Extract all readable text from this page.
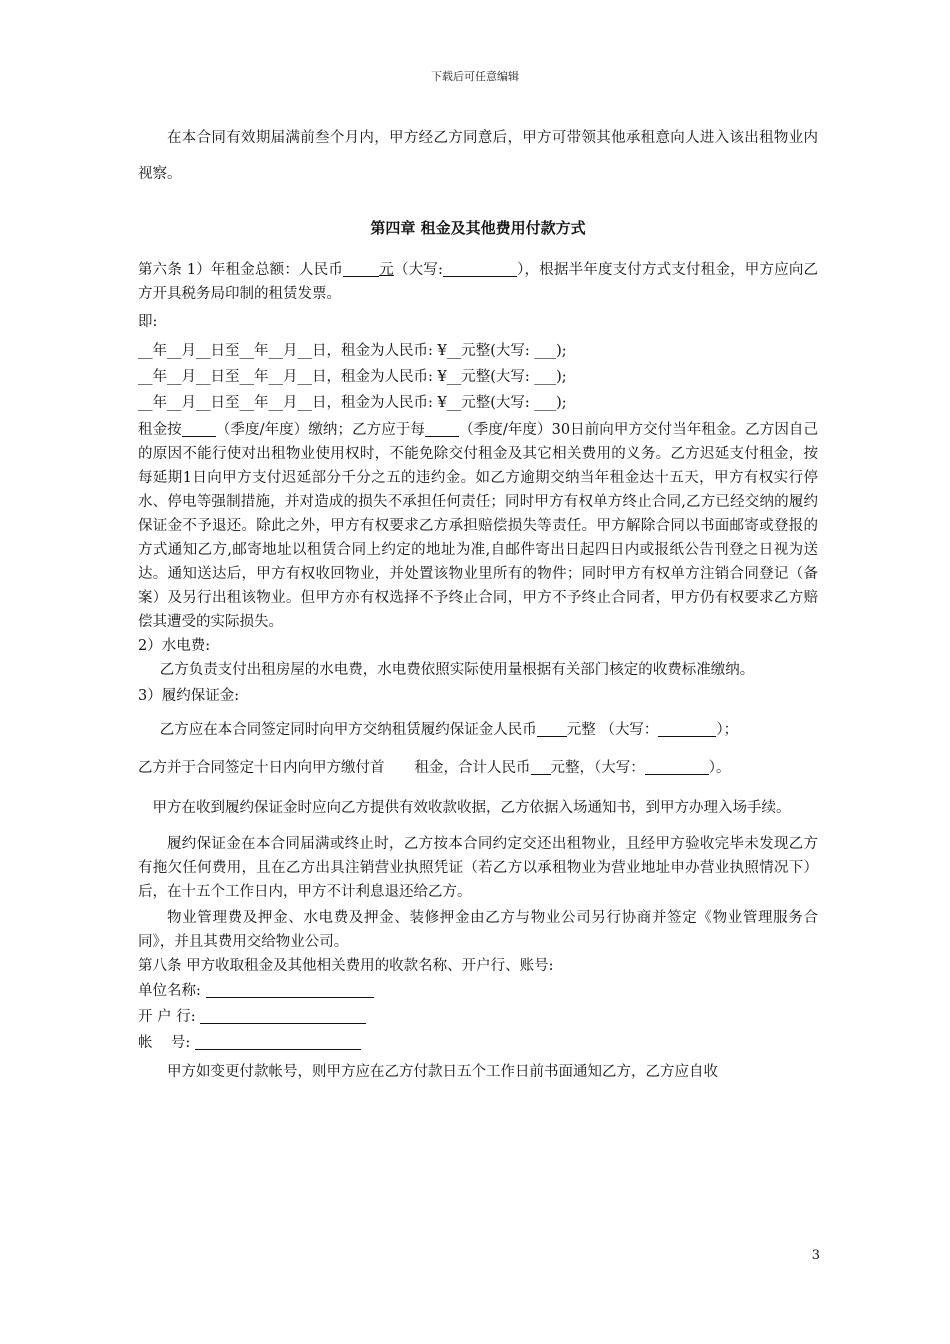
下载后可任意编辑

在本合同有效期届满前叁个月内，甲方经乙方同意后，甲方可带领其他承租意向人进入该出租物业内视察。

第四章 租金及其他费用付款方式

第六条 1）年租金总额：人民币 元（大写:	），根据半年度支付方式支付租金，甲方应向乙方开具税务局印制的租赁发票。

即:

__年__月__日至__年__月__日，租金为人民币: ¥__元整(大写: ___);
__年__月__日至__年__月__日，租金为人民币: ¥__元整(大写: ___);
__年__月__日至__年__月__日，租金为人民币: ¥__元整(大写: ___);

租金按 （季度/年度）缴纳；乙方应于每 （季度/年度）30日前向甲方交付当年租金。乙方因自己的原因不能行使对出租物业使用权时，不能免除交付租金及其它相关费用的义务。乙方迟延支付租金，按每延期1日向甲方支付迟延部分千分之五的违约金。如乙方逾期交纳当年租金达十五天，甲方有权实行停水、停电等强制措施，并对造成的损失不承担任何责任；同时甲方有权单方终止合同,乙方已经交纳的履约保证金不予退还。除此之外，甲方有权要求乙方承担赔偿损失等责任。甲方解除合同以书面邮寄或登报的方式通知乙方,邮寄地址以租赁合同上约定的地址为准,自邮件寄出日起四日内或报纸公告刊登之日视为送达。通知送达后，甲方有权收回物业，并处置该物业里所有的物件；同时甲方有权单方注销合同登记（备案）及另行出租该物业。但甲方亦有权选择不予终止合同，甲方不予终止合同者，甲方仍有权要求乙方赔偿其遭受的实际损失。

2）水电费:

乙方负责支付出租房屋的水电费，水电费依照实际使用量根据有关部门核定的收费标准缴纳。

3）履约保证金:

乙方应在本合同签定同时向甲方交纳租赁履约保证金人民币 元整 （大写：	）；

乙方并于合同签定十日内向甲方缴付首 租金，合计人民币 元整，（大写：	）。

甲方在收到履约保证金时应向乙方提供有效收款收据，乙方依据入场通知书，到甲方办理入场手续。

履约保证金在本合同届满或终止时，乙方按本合同约定交还出租物业，且经甲方验收完毕未发现乙方有拖欠任何费用，且在乙方出具注销营业执照凭证（若乙方以承租物业为营业地址申办营业执照情况下）后，在十五个工作日内，甲方不计利息退还给乙方。

物业管理费及押金、水电费及押金、装修押金由乙方与物业公司另行协商并签定《物业管理服务合同》，并且其费用交给物业公司。

第八条 甲方收取租金及其他相关费用的收款名称、开户行、账号:

单位名称:
开 户 行:
帐    号:

甲方如变更付款帐号，则甲方应在乙方付款日五个工作日前书面通知乙方，乙方应自收

3
